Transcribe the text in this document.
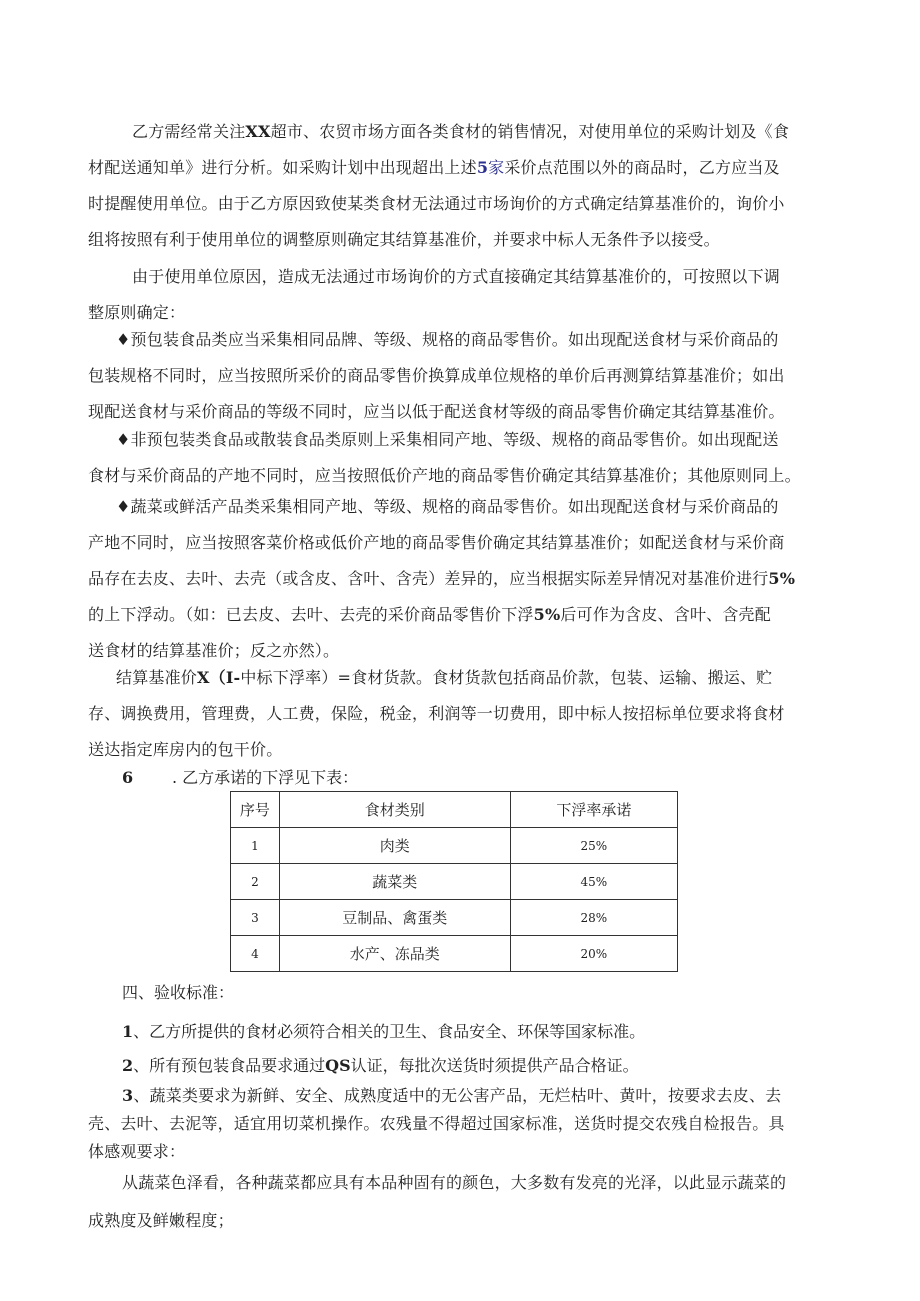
乙方需经常关注XX超市、农贸市场方面各类食材的销售情况，对使用单位的采购计划及《食
材配送通知单》进行分析。如采购计划中出现超出上述5家采价点范围以外的商品时，乙方应当及
时提醒使用单位。由于乙方原因致使某类食材无法通过市场询价的方式确定结算基准价的，询价小
组将按照有利于使用单位的调整原则确定其结算基准价，并要求中标人无条件予以接受。
由于使用单位原因，造成无法通过市场询价的方式直接确定其结算基准价的，可按照以下调
整原则确定：
♦预包装食品类应当采集相同品牌、等级、规格的商品零售价。如出现配送食材与采价商品的
包装规格不同时，应当按照所采价的商品零售价换算成单位规格的单价后再测算结算基准价；如出
现配送食材与采价商品的等级不同时，应当以低于配送食材等级的商品零售价确定其结算基准价。
♦非预包装类食品或散装食品类原则上采集相同产地、等级、规格的商品零售价。如出现配送
食材与采价商品的产地不同时，应当按照低价产地的商品零售价确定其结算基准价；其他原则同上。
♦蔬菜或鲜活产品类采集相同产地、等级、规格的商品零售价。如出现配送食材与采价商品的
产地不同时，应当按照客菜价格或低价产地的商品零售价确定其结算基准价；如配送食材与采价商
品存在去皮、去叶、去壳（或含皮、含叶、含壳）差异的，应当根据实际差异情况对基准价进行5%
的上下浮动。（如：已去皮、去叶、去壳的采价商品零售价下浮5%后可作为含皮、含叶、含壳配
送食材的结算基准价；反之亦然）。
结算基准价X（I-中标下浮率）=食材货款。食材货款包括商品价款，包装、运输、搬运、贮
存、调换费用，管理费，人工费，保险，税金，利润等一切费用，即中标人按招标单位要求将食材
送达指定库房内的包干价。
6 . 乙方承诺的下浮见下表：
序号	食材类别	下浮率承诺
1	肉类	25%
2	蔬菜类	45%
3	豆制品、禽蛋类	28%
4	水产、冻品类	20%
四、验收标准：
1、乙方所提供的食材必须符合相关的卫生、食品安全、环保等国家标准。
2、所有预包装食品要求通过QS认证，每批次送货时须提供产品合格证。
3、蔬菜类要求为新鲜、安全、成熟度适中的无公害产品，无烂枯叶、黄叶，按要求去皮、去
壳、去叶、去泥等，适宜用切菜机操作。农残量不得超过国家标准，送货时提交农残自检报告。具
体感观要求：
从蔬菜色泽看，各种蔬菜都应具有本品种固有的颜色，大多数有发亮的光泽，以此显示蔬菜的
成熟度及鲜嫩程度；
